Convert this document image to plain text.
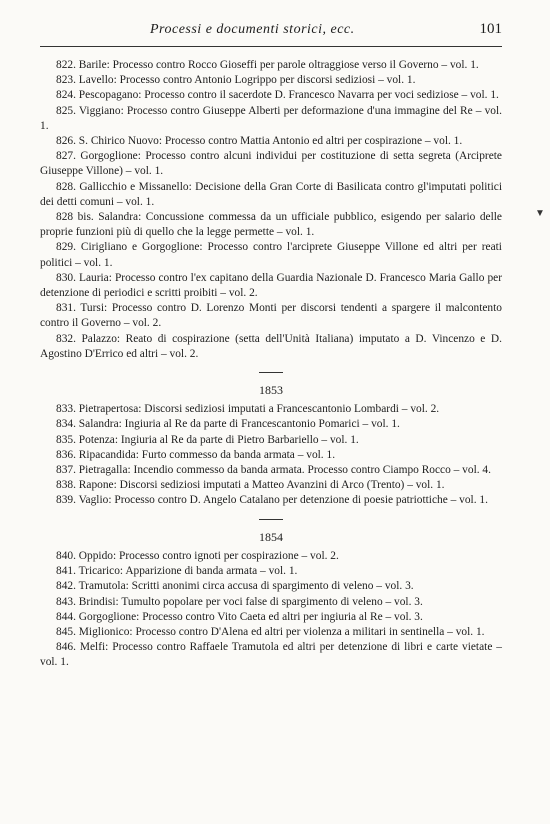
Processi e documenti storici, ecc.	101

822. Barile: Processo contro Rocco Gioseffi per parole oltraggiose verso il Governo – vol. 1.

823. Lavello: Processo contro Antonio Logrippo per discorsi sediziosi – vol. 1.

824. Pescopagano: Processo contro il sacerdote D. Francesco Navarra per voci sediziose – vol. 1.

825. Viggiano: Processo contro Giuseppe Alberti per deformazione d'una immagine del Re – vol. 1.

826. S. Chirico Nuovo: Processo contro Mattia Antonio ed altri per cospirazione – vol. 1.

827. Gorgoglione: Processo contro alcuni individui per costituzione di setta segreta (Arciprete Giuseppe Villone) – vol. 1.

828. Gallicchio e Missanello: Decisione della Gran Corte di Basilicata contro gl'imputati politici dei detti comuni – vol. 1.

828 bis. Salandra: Concussione commessa da un ufficiale pubblico, esigendo per salario delle proprie funzioni più di quello che la legge permette – vol. 1.

829. Cirigliano e Gorgoglione: Processo contro l'arciprete Giuseppe Villone ed altri per reati politici – vol. 1.

830. Lauria: Processo contro l'ex capitano della Guardia Nazionale D. Francesco Maria Gallo per detenzione di periodici e scritti proibiti – vol. 2.

831. Tursi: Processo contro D. Lorenzo Monti per discorsi tendenti a spargere il malcontento contro il Governo – vol. 2.

832. Palazzo: Reato di cospirazione (setta dell'Unità Italiana) imputato a D. Vincenzo e D. Agostino D'Errico ed altri – vol. 2.

1853

833. Pietrapertosa: Discorsi sediziosi imputati a Francescantonio Lombardi – vol. 2.

834. Salandra: Ingiuria al Re da parte di Francescantonio Pomarici – vol. 1.

835. Potenza: Ingiuria al Re da parte di Pietro Barbariello – vol. 1.

836. Ripacandida: Furto commesso da banda armata – vol. 1.

837. Pietragalla: Incendio commesso da banda armata. Processo contro Ciampo Rocco – vol. 4.

838. Rapone: Discorsi sediziosi imputati a Matteo Avanzini di Arco (Trento) – vol. 1.

839. Vaglio: Processo contro D. Angelo Catalano per detenzione di poesie patriottiche – vol. 1.

1854

840. Oppido: Processo contro ignoti per cospirazione – vol. 2.

841. Tricarico: Apparizione di banda armata – vol. 1.

842. Tramutola: Scritti anonimi circa accusa di spargimento di veleno – vol. 3.

843. Brindisi: Tumulto popolare per voci false di spargimento di veleno – vol. 3.

844. Gorgoglione: Processo contro Vito Caeta ed altri per ingiuria al Re – vol. 3.

845. Miglionico: Processo contro D'Alena ed altri per violenza a militari in sentinella – vol. 1.

846. Melfi: Processo contro Raffaele Tramutola ed altri per detenzione di libri e carte vietate – vol. 1.

▼
